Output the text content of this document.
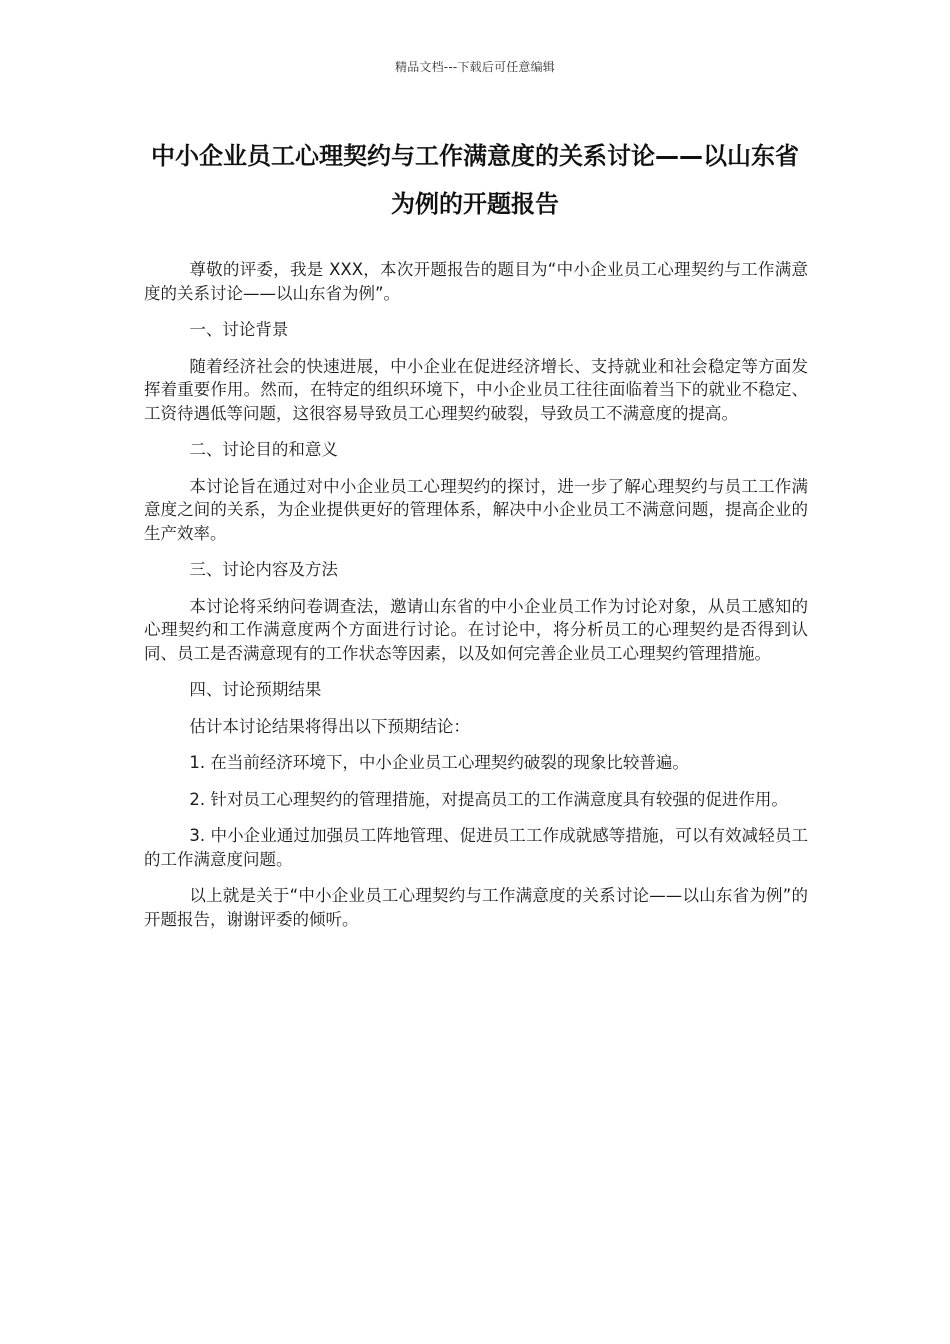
精品文档---下载后可任意编辑
中小企业员工心理契约与工作满意度的关系讨论——以山东省为例的开题报告

尊敬的评委，我是 XXX，本次开题报告的题目为“中小企业员工心理契约与工作满意度的关系讨论——以山东省为例”。

一、讨论背景

随着经济社会的快速进展，中小企业在促进经济增长、支持就业和社会稳定等方面发挥着重要作用。然而，在特定的组织环境下，中小企业员工往往面临着当下的就业不稳定、工资待遇低等问题，这很容易导致员工心理契约破裂，导致员工不满意度的提高。

二、讨论目的和意义

本讨论旨在通过对中小企业员工心理契约的探讨，进一步了解心理契约与员工工作满意度之间的关系，为企业提供更好的管理体系，解决中小企业员工不满意问题，提高企业的生产效率。

三、讨论内容及方法

本讨论将采纳问卷调查法，邀请山东省的中小企业员工作为讨论对象，从员工感知的心理契约和工作满意度两个方面进行讨论。在讨论中，将分析员工的心理契约是否得到认同、员工是否满意现有的工作状态等因素，以及如何完善企业员工心理契约管理措施。

四、讨论预期结果

估计本讨论结果将得出以下预期结论：

1. 在当前经济环境下，中小企业员工心理契约破裂的现象比较普遍。

2. 针对员工心理契约的管理措施，对提高员工的工作满意度具有较强的促进作用。

3. 中小企业通过加强员工阵地管理、促进员工工作成就感等措施，可以有效减轻员工的工作满意度问题。

以上就是关于“中小企业员工心理契约与工作满意度的关系讨论——以山东省为例”的开题报告，谢谢评委的倾听。
